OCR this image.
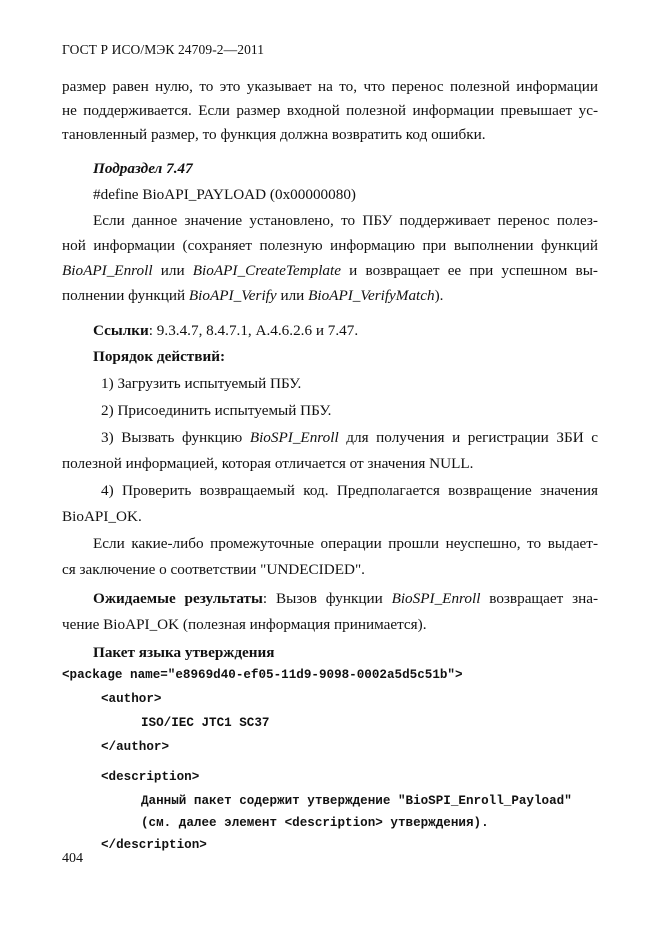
ГОСТ Р ИСО/МЭК 24709-2—2011
размер равен нулю, то это указывает на то, что перенос полезной информации
не поддерживается. Если размер входной полезной информации превышает ус-
тановленный размер, то функция должна возвратить код ошибки.
Подраздел 7.47
#define BioAPI_PAYLOAD (0x00000080)
Если данное значение установлено, то ПБУ поддерживает перенос полез-
ной информации (сохраняет полезную информацию при выполнении функций
BioAPI_Enroll или BioAPI_CreateTemplate и возвращает ее при успешном вы-
полнении функций BioAPI_Verify или BioAPI_VerifyMatch).
Ссылки: 9.3.4.7, 8.4.7.1, A.4.6.2.6 и 7.47.
Порядок действий:
1) Загрузить испытуемый ПБУ.
2) Присоединить испытуемый ПБУ.
3) Вызвать функцию BioSPI_Enroll для получения и регистрации ЗБИ с
полезной информацией, которая отличается от значения NULL.
4) Проверить возвращаемый код. Предполагается возвращение значения
BioAPI_OK.
Если какие-либо промежуточные операции прошли неуспешно, то выдает-
ся заключение о соответствии "UNDECIDED".
Ожидаемые результаты: Вызов функции BioSPI_Enroll возвращает зна-
чение BioAPI_OK (полезная информация принимается).
Пакет языка утверждения
<package name="e8969d40-ef05-11d9-9098-0002a5d5c51b">
<author>
ISO/IEC JTC1 SC37
</author>
<description>
Данный пакет содержит утверждение "BioSPI_Enroll_Payload"
(см. далее элемент <description> утверждения).
</description>
404
